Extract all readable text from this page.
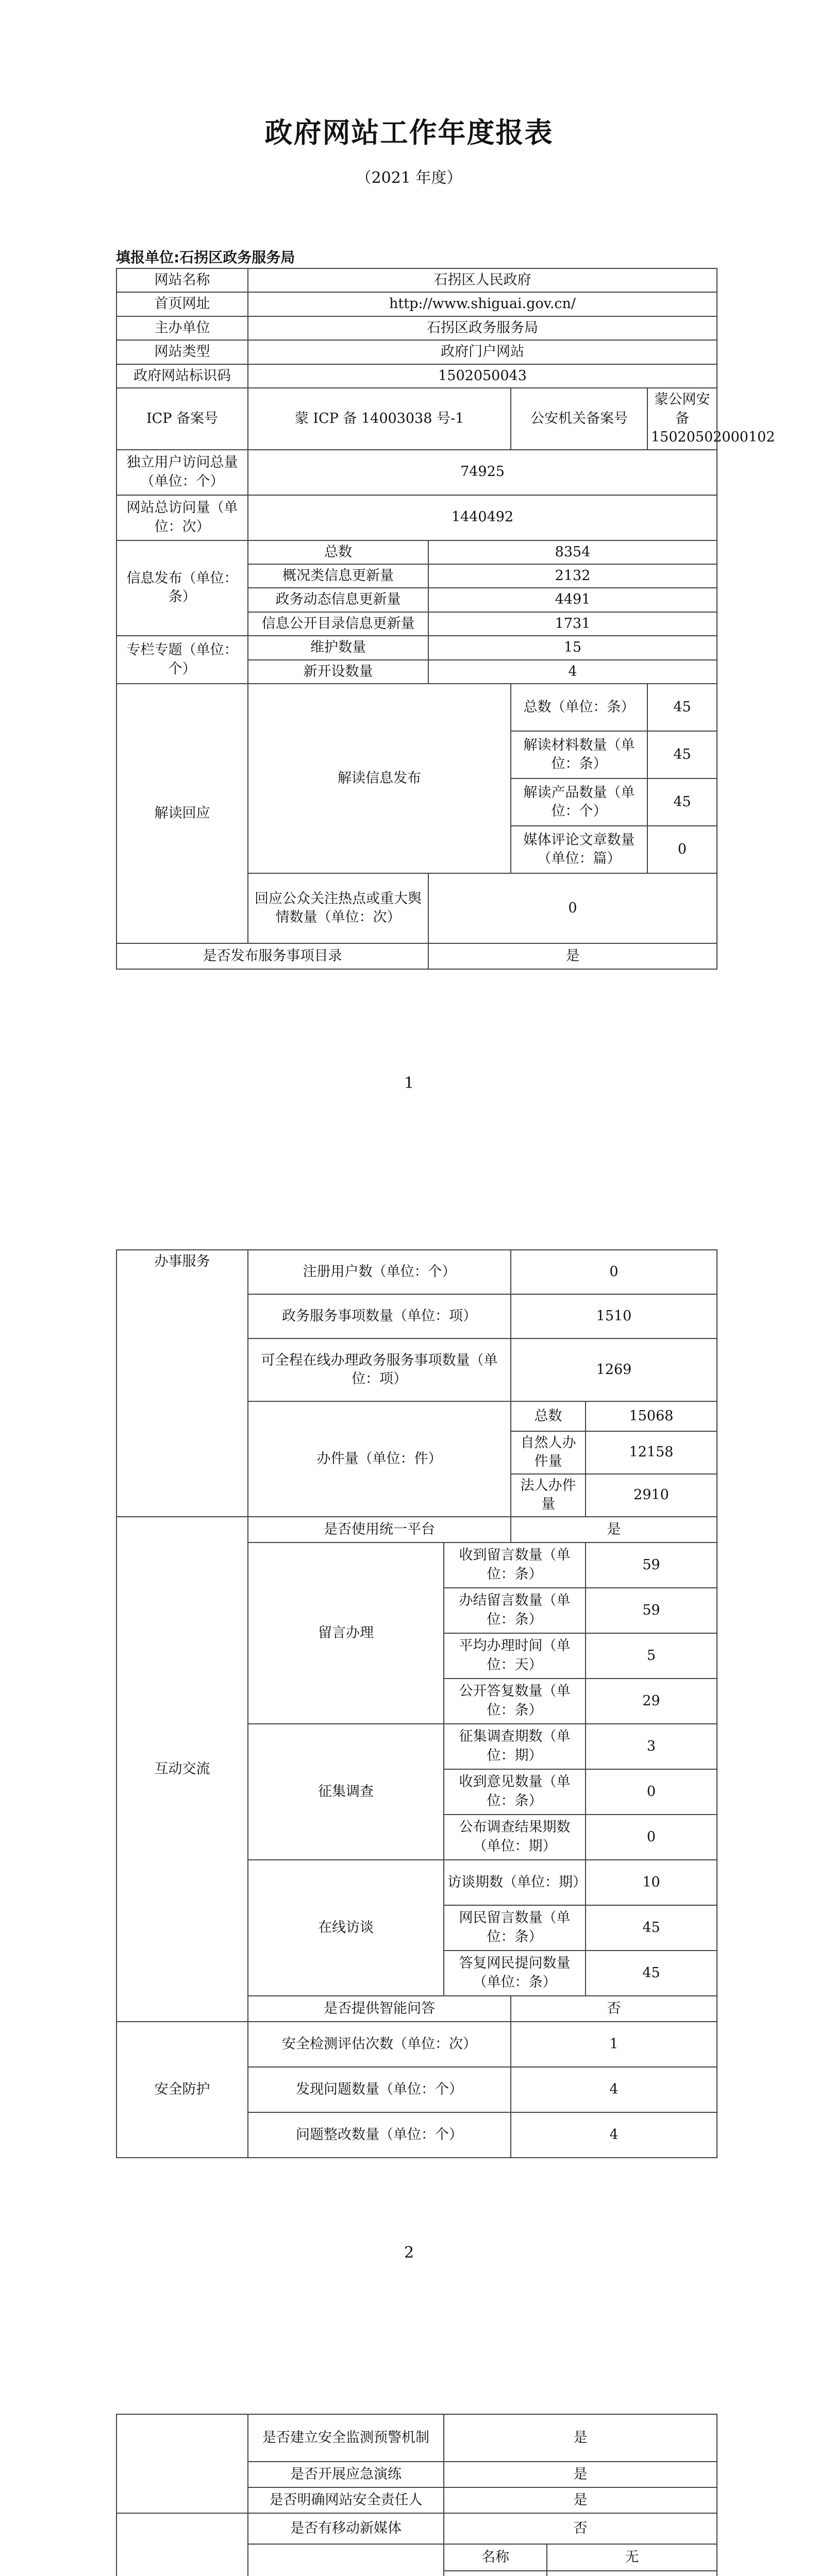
政府网站工作年度报表
（2021 年度）
填报单位:石拐区政务服务局
网站名称	石拐区人民政府			
首页网址	http://www.shiguai.gov.cn/			
主办单位	石拐区政务服务局			
网站类型	政府门户网站			
政府网站标识码	1502050043			
ICP 备案号	蒙 ICP 备 14003038 号-1		公安机关备案号	蒙公网安备15020502000102
独立用户访问总量（单位：个）	74925			
网站总访问量（单位：次）	1440492			
信息发布（单位：条）	总数	8354		
	概况类信息更新量	2132		
	政务动态信息更新量	4491		
	信息公开目录信息更新量	1731		
专栏专题（单位：个）	维护数量	15		
	新开设数量	4		
解读回应	解读信息发布		总数（单位：条）	45
			解读材料数量（单位：条）	45
			解读产品数量（单位：个）	45
			媒体评论文章数量（单位：篇）	0
	回应公众关注热点或重大舆情数量（单位：次）	0		
是否发布服务事项目录		是		
1
办事服务	注册用户数（单位：个）		0	
	政务服务事项数量（单位：项）		1510	
	可全程在线办理政务服务事项数量（单位：项）		1269	
	办件量（单位：件）		总数	15068
			自然人办件量	12158
			法人办件量	2910
互动交流	是否使用统一平台		是	
	留言办理	收到留言数量（单位：条）		59
		办结留言数量（单位：条）		59
		平均办理时间（单位：天）		5
		公开答复数量（单位：条）		29
	征集调查	征集调查期数（单位：期）		3
		收到意见数量（单位：条）		0
		公布调查结果期数（单位：期）		0
	在线访谈	访谈期数（单位：期）		10
		网民留言数量（单位：条）		45
		答复网民提问数量（单位：条）		45
	是否提供智能问答		否	
安全防护	安全检测评估次数（单位：次）		1	
	发现问题数量（单位：个）		4	
	问题整改数量（单位：个）		4	
2
	是否建立安全监测预警机制	是	
	是否开展应急演练	是	
	是否明确网站安全责任人	是	
	是否有移动新媒体	否	
	名称	无
